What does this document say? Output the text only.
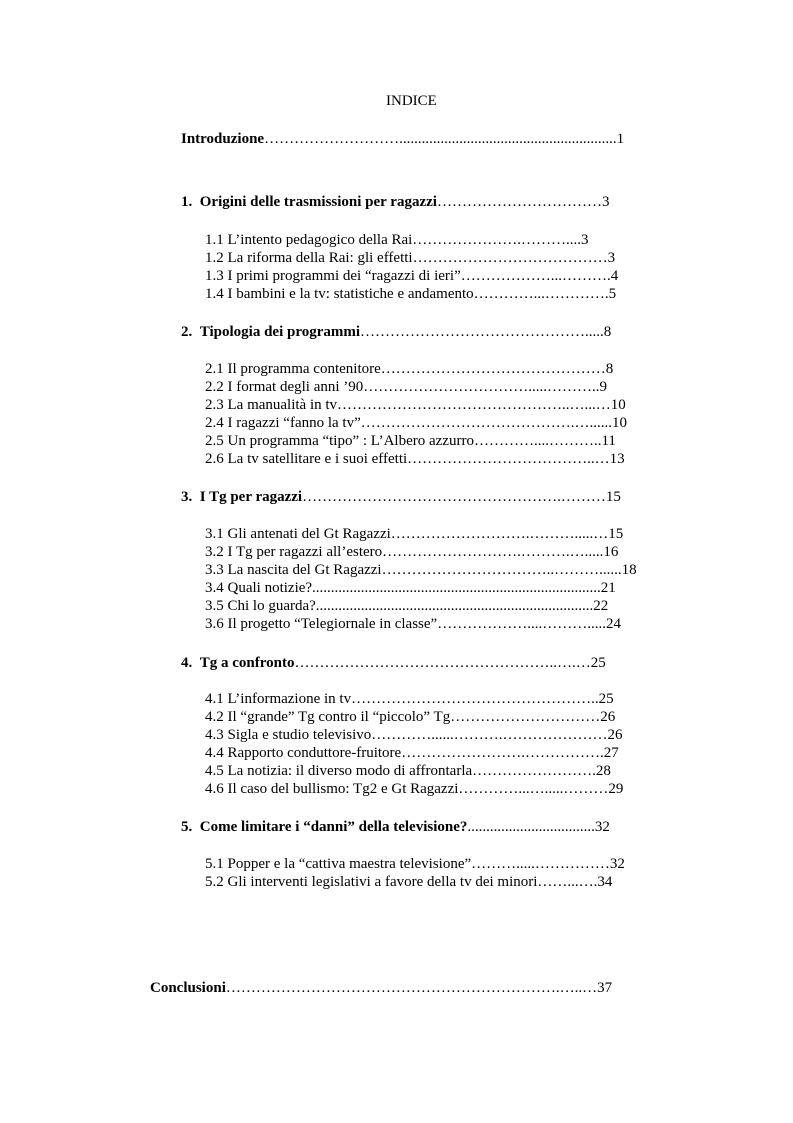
INDICE
Introduzione………………………..........................................................1
1.  Origini delle trasmissioni per ragazzi……………………………3
1.1 L’intento pedagogico della Rai………………….………....3
1.2 La riforma della Rai: gli effetti…………………………………3
1.3 I primi programmi dei “ragazzi di ieri”………………...……….4
1.4 I bambini e la tv: statistiche e andamento…………...………….5
2.  Tipologia dei programmi……………………………………….....8
2.1 Il programma contenitore………………………………………8
2.2 I format degli anni ’90…………………………….....………..9
2.3 La manualità in tv………………………………………..…...…10
2.4 I ragazzi “fanno la tv”…………………………………….…......10
2.5 Un programma “tipo” : L’Albero azzurro…………....………..11
2.6 La tv satellitare e i suoi effetti………………………………..…13
3.  I Tg per ragazzi…………………………………………….………15
3.1 Gli antenati del Gt Ragazzi……………………….……….....…15
3.2 I Tg per ragazzi all’estero……………………….……….….....16
3.3 La nascita del Gt Ragazzi……………………………..………......18
3.4 Quali notizie?.............................................................................21
3.5 Chi lo guarda?..........................................................................22
3.6 Il progetto “Telegiornale in classe”………………....……….....24
4.  Tg a confronto……………………………………………..….…25
4.1 L’informazione in tv…………………………………………..25
4.2 Il “grande” Tg contro il “piccolo” Tg…………………………26
4.3 Sigla e studio televisivo…………......……….…………………26
4.4 Rapporto conduttore-fruitore…………………….…………….27
4.5 La notizia: il diverso modo di affrontarla…………………….28
4.6 Il caso del bullismo: Tg2 e Gt Ragazzi…………...….....………29
5.  Come limitare i “danni” della televisione?..................................32
5.1 Popper e la “cattiva maestra televisione”……….....……………32
5.2 Gli interventi legislativi a favore della tv dei minori……...….34
Conclusioni………………………………………………………….…..…37
